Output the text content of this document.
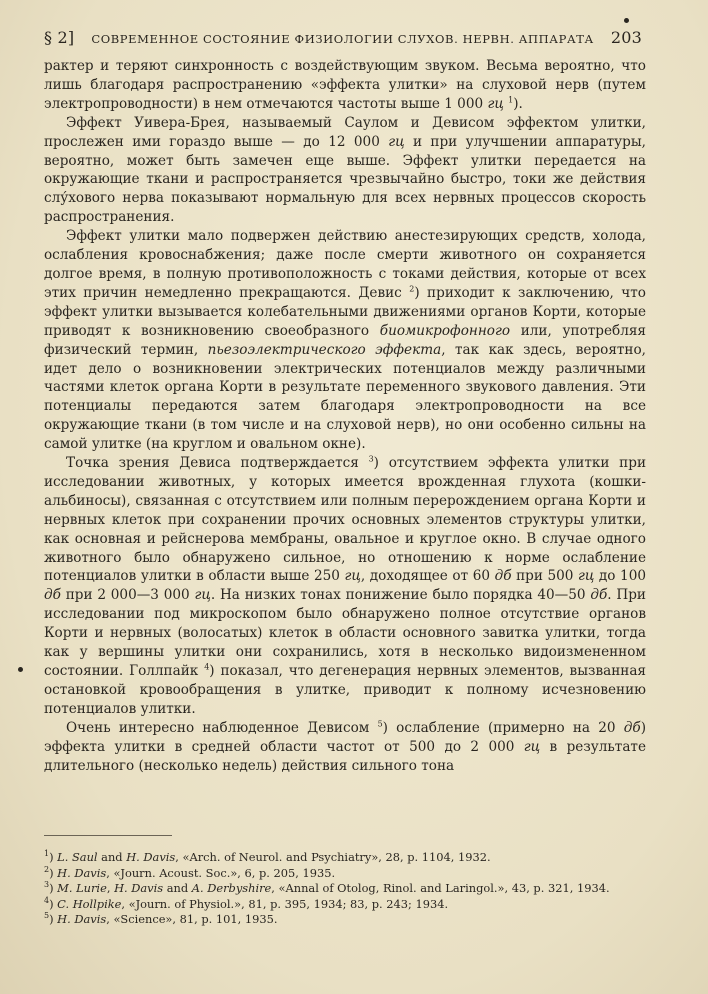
§ 2] СОВРЕМЕННОЕ СОСТОЯНИЕ ФИЗИОЛОГИИ СЛУХОВ. НЕРВН. АППАРАТА 203

рактер и теряют синхронность с воздействующим звуком. Весьма вероятно, что лишь благодаря распространению «эффекта улитки» на слуховой нерв (путем электропроводности) в нем отмечаются частоты выше 1 000 гц $^1$).

Эффект Уивера-Брея, называемый Саулом и Девисом эффектом улитки, прослежен ими гораздо выше — до 12 000 гц и при улучшении аппаратуры, вероятно, может быть замечен еще выше. Эффект улитки передается на окружающие ткани и распространяется чрезвычайно быстро, токи же действия слу́хового нерва показывают нормальную для всех нервных процессов скорость распространения.

Эффект улитки мало подвержен действию анестезирующих средств, холода, ослабления кровоснабжения; даже после смерти животного он сохраняется долгое время, в полную противоположность с токами действия, которые от всех этих причин немедленно прекращаются. Девис $^2$) приходит к заключению, что эффект улитки вызывается колебательными движениями органов Корти, которые приводят к возникновению своеобразного биомикрофонного или, употребляя физический термин, пьезоэлектрического эффекта, так как здесь, вероятно, идет дело о возникновении электрических потенциалов между различными частями клеток органа Корти в результате переменного звукового давления. Эти потенциалы передаются затем благодаря электропроводности на все окружающие ткани (в том числе и на слуховой нерв), но они особенно сильны на самой улитке (на круглом и овальном окне).

Точка зрения Девиса подтверждается $^3$) отсутствием эффекта улитки при исследовании животных, у которых имеется врожденная глухота (кошки-альбиносы), связанная с отсутствием или полным перерождением органа Корти и нервных клеток при сохранении прочих основных элементов структуры улитки, как основная и рейснерова мембраны, овальное и круглое окно. В случае одного животного было обнаружено сильное, но отношению к норме ослабление потенциалов улитки в области выше 250 гц, доходящее от 60 дб при 500 гц до 100 дб при 2 000—3 000 гц. На низких тонах понижение было порядка 40—50 дб. При исследовании под микроскопом было обнаружено полное отсутствие органов Корти и нервных (волосатых) клеток в области основного завитка улитки, тогда как у вершины улитки они сохранились, хотя в несколько видоизмененном состоянии. Голлпайк $^4$) показал, что дегенерация нервных элементов, вызванная остановкой кровообращения в улитке, приводит к полному исчезновению потенциалов улитки.

Очень интересно наблюденное Девисом $^5$) ослабление (примерно на 20 дб) эффекта улитки в средней области частот от 500 до 2 000 гц в результате длительного (несколько недель) действия сильного тона

$^1$) L. Saul and H. Davis, «Arch. of Neurol. and Psychiatry», 28, p. 1104, 1932.

$^2$) H. Davis, «Journ. Acoust. Soc.», 6, p. 205, 1935.

$^3$) M. Lurie, H. Davis and A. Derbyshire, «Annal of Otolog, Rinol. and Laringol.», 43, p. 321, 1934.

$^4$) C. Hollpike, «Journ. of Physiol.», 81, p. 395, 1934; 83, p. 243; 1934.

$^5$) H. Davis, «Science», 81, p. 101, 1935.
